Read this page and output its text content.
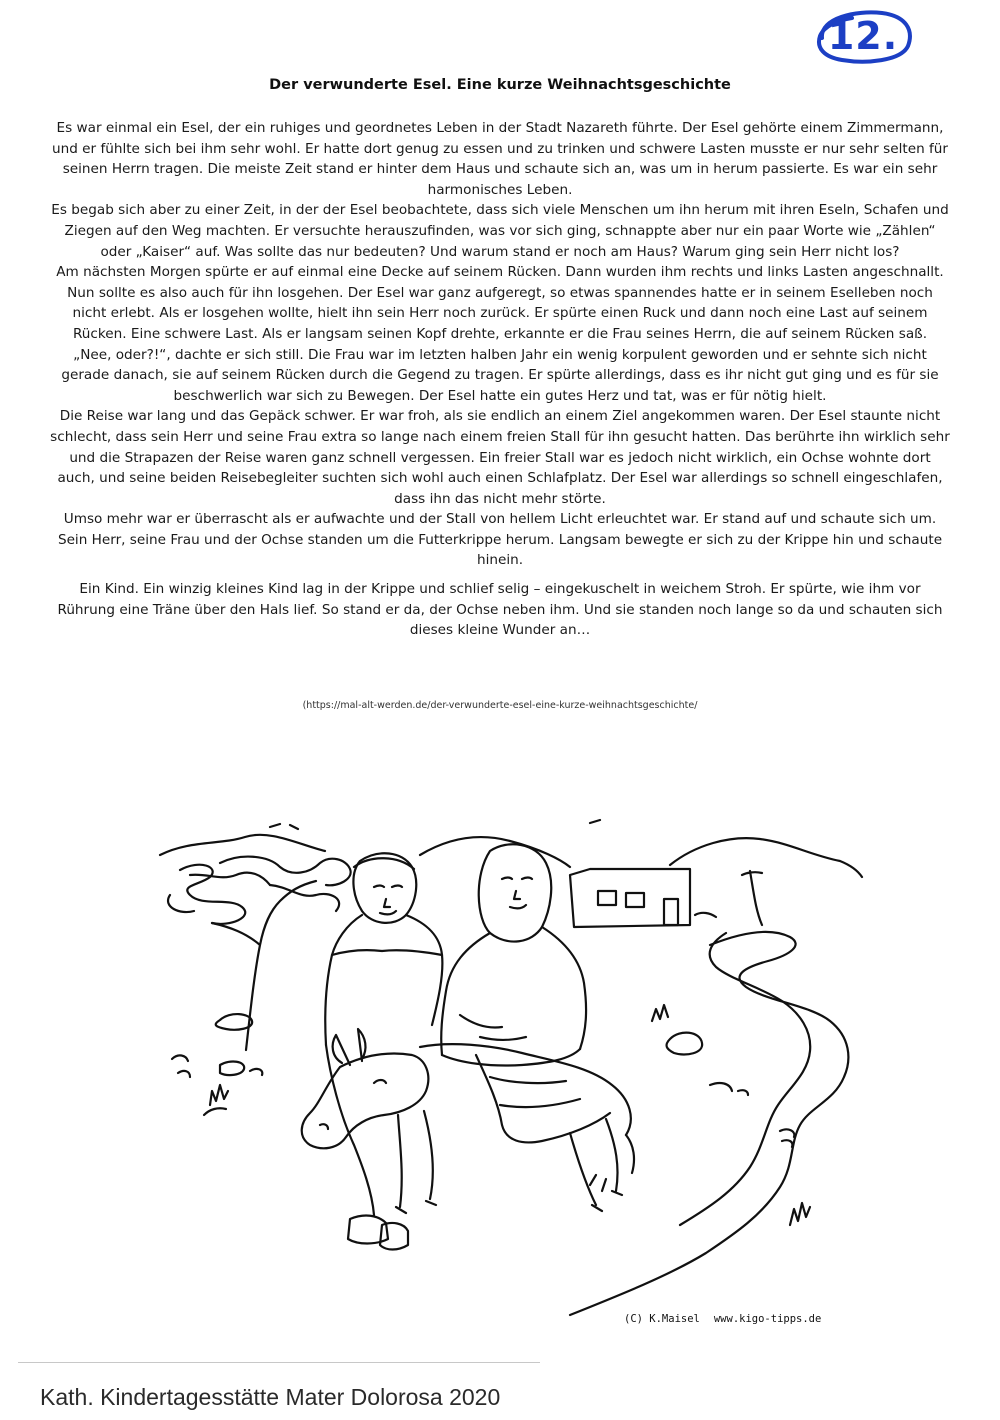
12.
Der verwunderte Esel. Eine kurze Weihnachtsgeschichte

Es war einmal ein Esel, der ein ruhiges und geordnetes Leben in der Stadt Nazareth führte. Der Esel gehörte einem Zimmermann, und er fühlte sich bei ihm sehr wohl. Er hatte dort genug zu essen und zu trinken und schwere Lasten musste er nur sehr selten für seinen Herrn tragen. Die meiste Zeit stand er hinter dem Haus und schaute sich an, was um in herum passierte. Es war ein sehr harmonisches Leben.

Es begab sich aber zu einer Zeit, in der der Esel beobachtete, dass sich viele Menschen um ihn herum mit ihren Eseln, Schafen und Ziegen auf den Weg machten. Er versuchte herauszufinden, was vor sich ging, schnappte aber nur ein paar Worte wie „Zählen“ oder „Kaiser“ auf. Was sollte das nur bedeuten? Und warum stand er noch am Haus? Warum ging sein Herr nicht los?

Am nächsten Morgen spürte er auf einmal eine Decke auf seinem Rücken. Dann wurden ihm rechts und links Lasten angeschnallt. Nun sollte es also auch für ihn losgehen. Der Esel war ganz aufgeregt, so etwas spannendes hatte er in seinem Eselleben noch nicht erlebt. Als er losgehen wollte, hielt ihn sein Herr noch zurück. Er spürte einen Ruck und dann noch eine Last auf seinem Rücken. Eine schwere Last. Als er langsam seinen Kopf drehte, erkannte er die Frau seines Herrn, die auf seinem Rücken saß.

„Nee, oder?!“, dachte er sich still. Die Frau war im letzten halben Jahr ein wenig korpulent geworden und er sehnte sich nicht gerade danach, sie auf seinem Rücken durch die Gegend zu tragen. Er spürte allerdings, dass es ihr nicht gut ging und es für sie beschwerlich war sich zu Bewegen. Der Esel hatte ein gutes Herz und tat, was er für nötig hielt.

Die Reise war lang und das Gepäck schwer. Er war froh, als sie endlich an einem Ziel angekommen waren. Der Esel staunte nicht schlecht, dass sein Herr und seine Frau extra so lange nach einem freien Stall für ihn gesucht hatten. Das berührte ihn wirklich sehr und die Strapazen der Reise waren ganz schnell vergessen. Ein freier Stall war es jedoch nicht wirklich, ein Ochse wohnte dort auch, und seine beiden Reisebegleiter suchten sich wohl auch einen Schlafplatz. Der Esel war allerdings so schnell eingeschlafen, dass ihn das nicht mehr störte.

Umso mehr war er überrascht als er aufwachte und der Stall von hellem Licht erleuchtet war. Er stand auf und schaute sich um. Sein Herr, seine Frau und der Ochse standen um die Futterkrippe herum. Langsam bewegte er sich zu der Krippe hin und schaute hinein.

Ein Kind. Ein winzig kleines Kind lag in der Krippe und schlief selig – eingekuschelt in weichem Stroh. Er spürte, wie ihm vor Rührung eine Träne über den Hals lief. So stand er da, der Ochse neben ihm. Und sie standen noch lange so da und schauten sich dieses kleine Wunder an…

(https://mal-alt-werden.de/der-verwunderte-esel-eine-kurze-weihnachtsgeschichte/
(C) K.Maisel www.kigo-tipps.de
Kath. Kindertagesstätte Mater Dolorosa 2020
